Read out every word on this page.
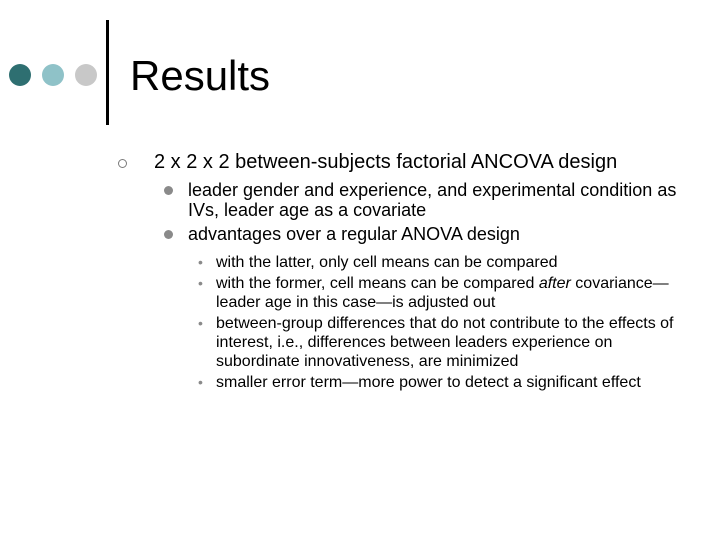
Results
2 x 2 x 2 between-subjects factorial ANCOVA design
leader gender and experience, and experimental condition as IVs, leader age as a covariate
advantages over a regular ANOVA design
• with the latter, only cell means can be compared
• with the former, cell means can be compared after covariance—leader age in this case—is adjusted out
• between-group differences that do not contribute to the effects of interest, i.e., differences between leaders experience on subordinate innovativeness, are minimized
• smaller error term—more power to detect a significant effect
